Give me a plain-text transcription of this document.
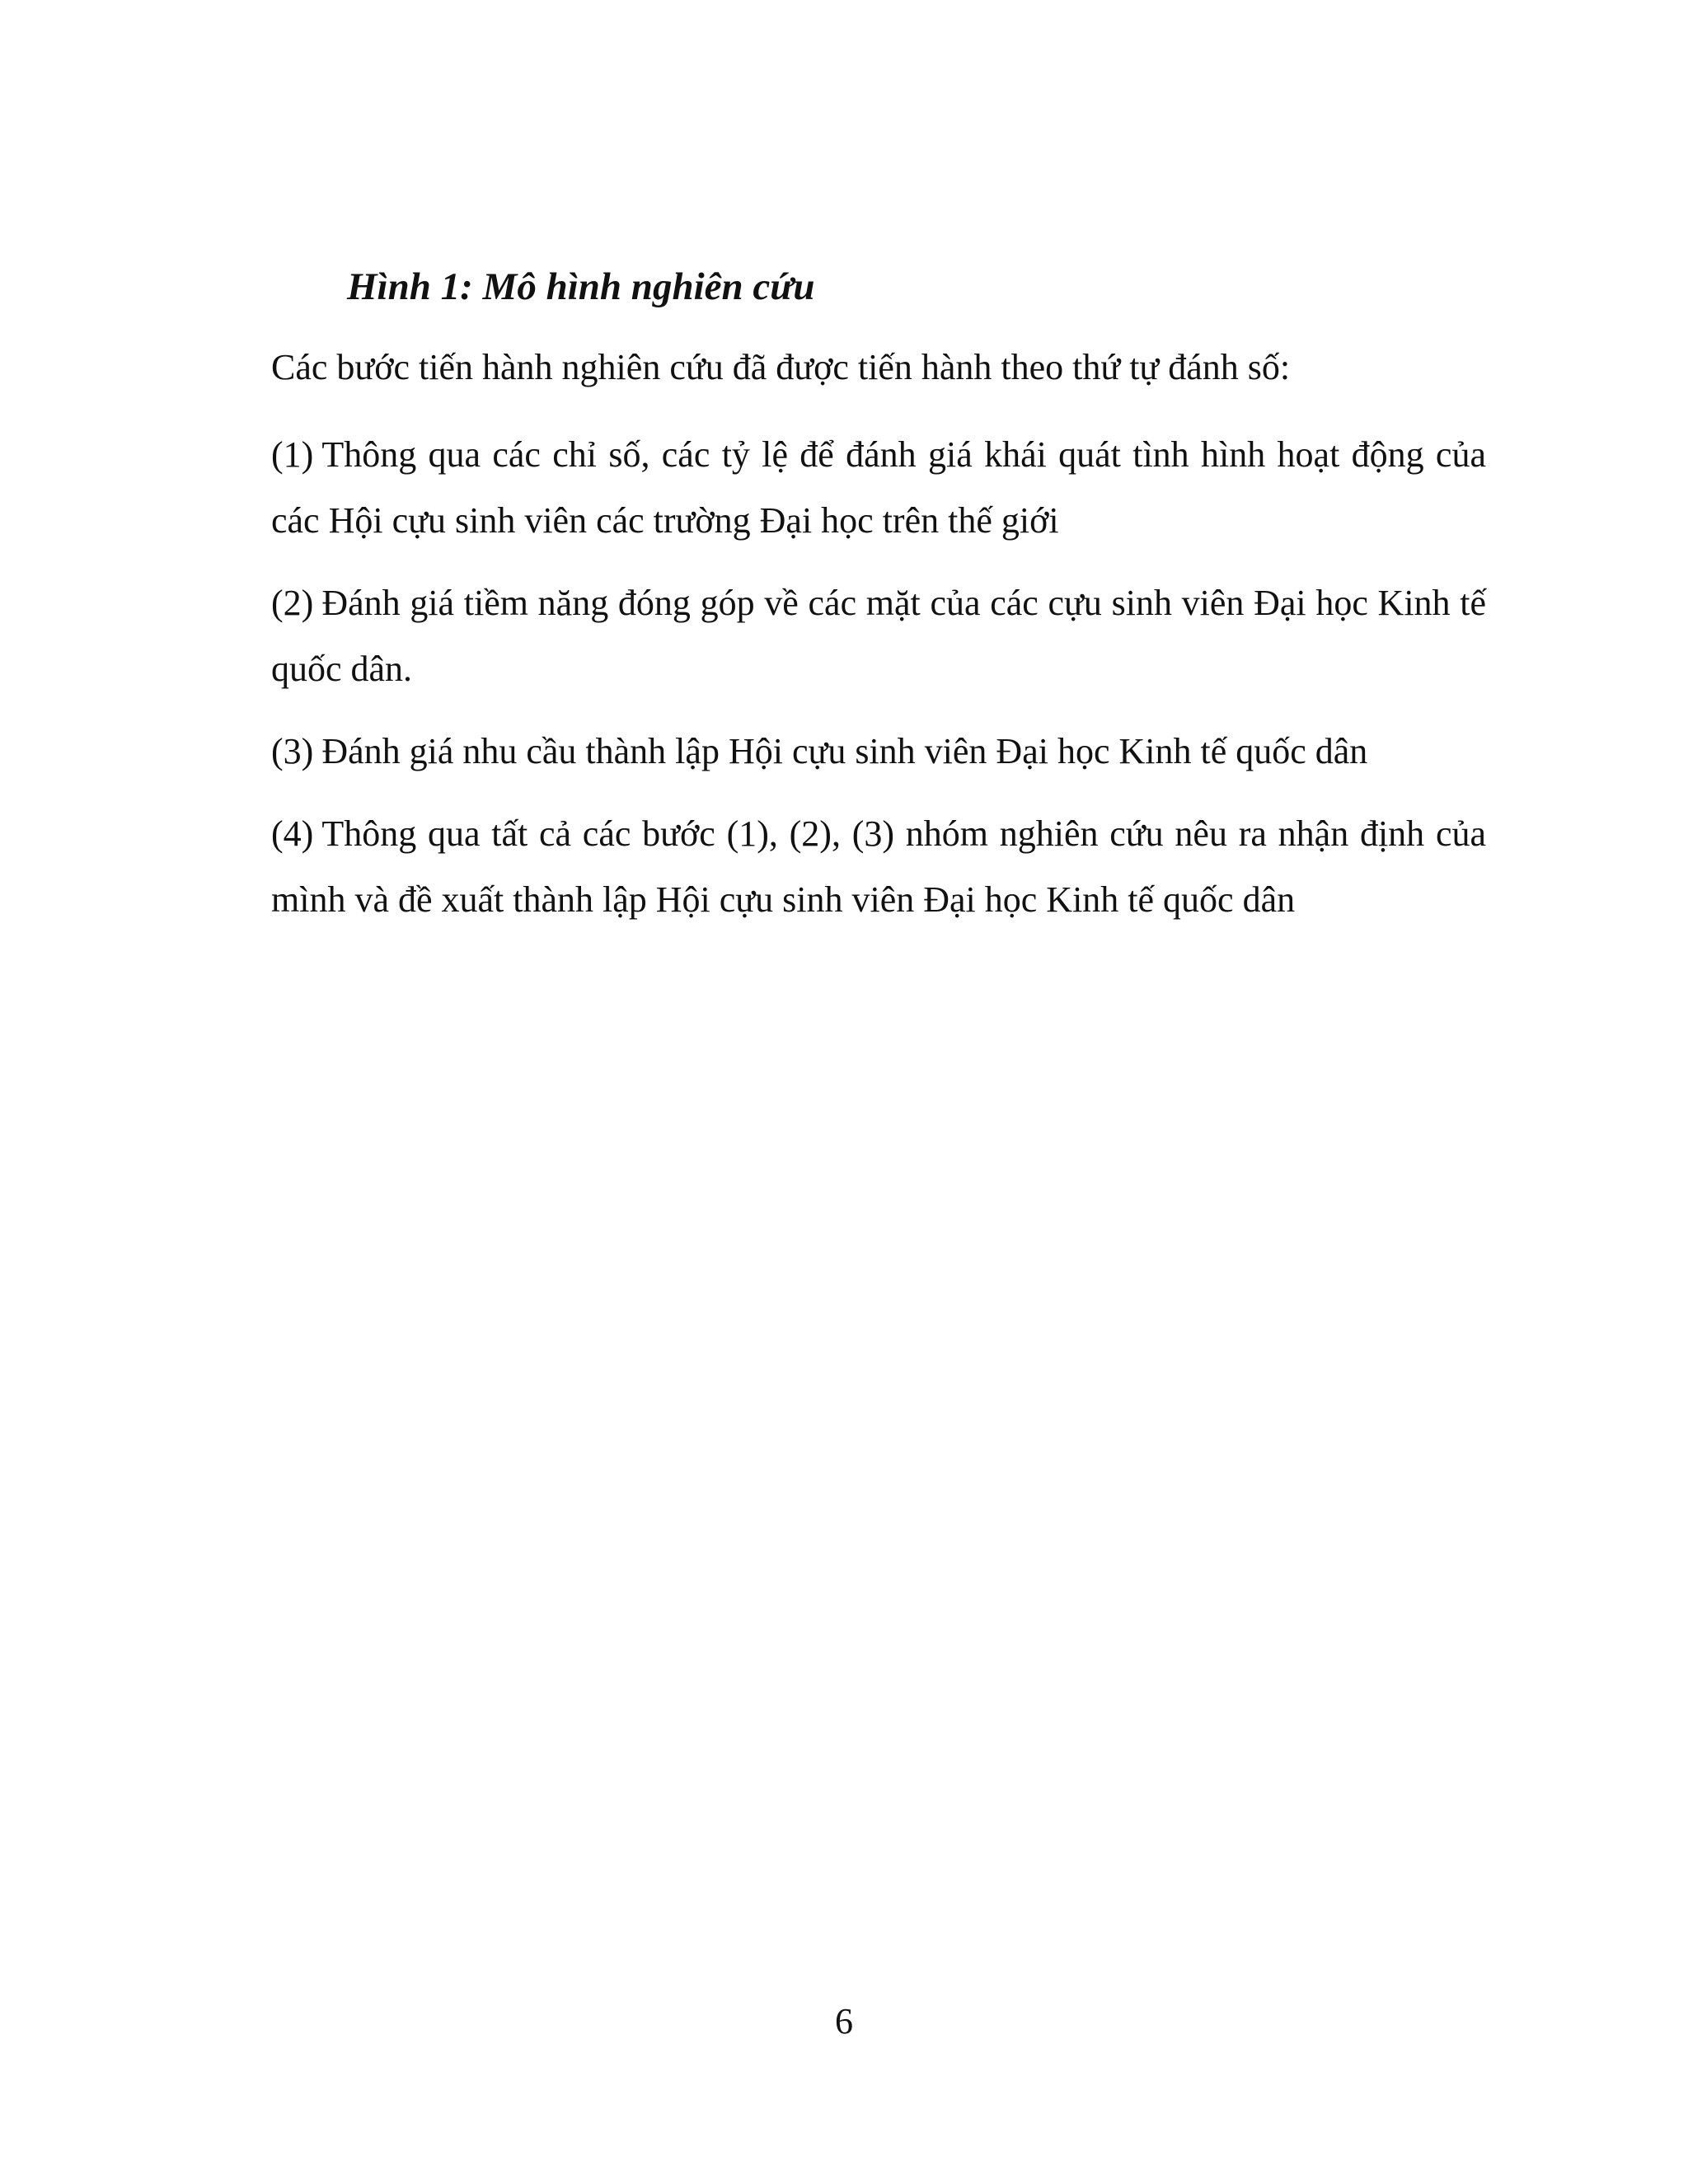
Hình 1: Mô hình nghiên cứu

Các bước tiến hành nghiên cứu đã được tiến hành theo thứ tự đánh số:

(1) Thông qua các chỉ số, các tỷ lệ để đánh giá khái quát tình hình hoạt động của các Hội cựu sinh viên các trường Đại học trên thế giới

(2) Đánh giá tiềm năng đóng góp về các mặt của các cựu sinh viên Đại học Kinh tế quốc dân.

(3) Đánh giá nhu cầu thành lập Hội cựu sinh viên Đại học Kinh tế quốc dân

(4) Thông qua tất cả các bước (1), (2), (3) nhóm nghiên cứu nêu ra nhận định của mình và đề xuất thành lập Hội cựu sinh viên Đại học Kinh tế quốc dân

6
